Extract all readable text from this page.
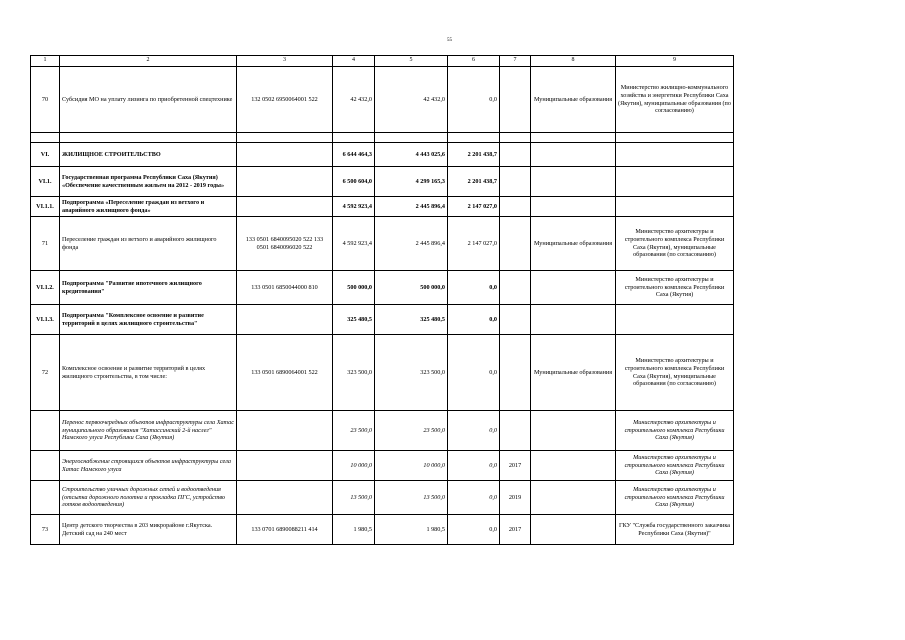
55
1	2	3	4	5	6	7	8	9
70	Субсидия МО на уплату лизинга по приобретенной спецтехнике	132 0502 6950064001 522	42 432,0	42 432,0	0,0		Муниципальные образования	Министерство жилищно-коммунального хозяйства и энергетики Республики Саха (Якутия), муниципальные образования (по согласованию)

VI.	ЖИЛИЩНОЕ СТРОИТЕЛЬСТВО		6 644 464,3	4 443 025,6	2 201 438,7			
VI.1.	Государственная программа Республики Саха (Якутия) «Обеспечение качественным жильем на 2012 - 2019 годы»		6 500 604,0	4 299 165,3	2 201 438,7			
VI.1.1.	Подпрограмма «Переселение граждан из ветхого и аварийного жилищного фонда»		4 592 923,4	2 445 896,4	2 147 027,0			
71	Переселение граждан из ветхого и аварийного жилищного фонда	133 0501 6840095020 522 133 0501 6840096020 522	4 592 923,4	2 445 896,4	2 147 027,0		Муниципальные образования	Министерство архитектуры и строительного комплекса Республики Саха (Якутия), муниципальные образования (по согласованию)
VI.1.2.	Подпрограмма "Развитие ипотечного жилищного кредитования"	133 0501 6850044000 810	500 000,0	500 000,0	0,0			Министерство архитектуры и строительного комплекса Республики Саха (Якутия)
VI.1.3.	Подпрограмма "Комплексное освоение и развитие территорий в целях жилищного строительства"		325 480,5	325 480,5	0,0			
72	Комплексное освоение и развитие территорий в целях жилищного строительства, в том числе:	133 0501 6890064001 522	323 500,0	323 500,0	0,0		Муниципальные образования	Министерство архитектуры и строительного комплекса Республики Саха (Якутия), муниципальные образования (по согласованию)
	Перенос первоочередных объектов инфраструктуры села Хатас муниципального образования "Хатассинский 2-й наслег" Намского улуса Республики Саха (Якутия)		23 500,0	23 500,0	0,0			Министерство архитектуры и строительного комплекса Республики Саха (Якутия)
	Энергоснабжение строящихся объектов инфраструктуры села Хатас Намского улуса		10 000,0	10 000,0	0,0	2017		Министерство архитектуры и строительного комплекса Республики Саха (Якутия)
	Строительство уличных дорожных сетей и водоотведения (отсыпка дорожного полотна и прокладка ПГС, устройство лотков водоотведения)		13 500,0	13 500,0	0,0	2019		Министерство архитектуры и строительного комплекса Республики Саха (Якутия)
73	Центр детского творчества в 203 микрорайоне г.Якутска. Детский сад на 240 мест	133 0701 6890088211 414	1 980,5	1 980,5	0,0	2017		ГКУ "Служба государственного заказчика Республики Саха (Якутия)"
